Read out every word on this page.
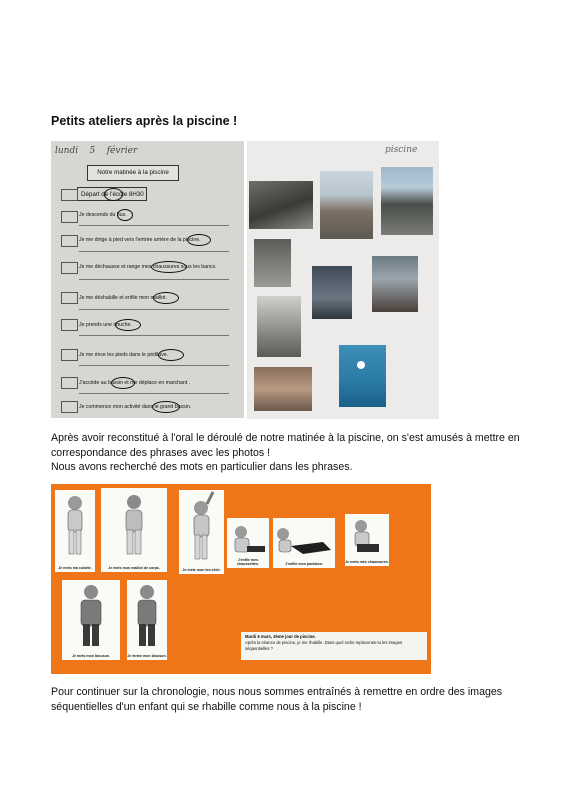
Petits ateliers après la piscine !
lundi    5    février
Notre matinée à la piscine
Départ de l'école 8H30
Je descends du bus.
Je me dirige à pied vers l'entrée arrière de la piscine.
Je me déchausse et range mes chaussures sous les bancs.
Je me déshabille et enfile mon maillot.
Je prends une douche.
Je me rince les pieds dans le pédiluve.
J'accède au bassin et me déplace en marchant .
Je commence mon activité dans le grand bassin.
piscine
Après avoir reconstitué à l'oral le déroulé de notre matinée à la piscine, on s'est amusés à mettre en correspondance des phrases avec les photos !
Nous avons recherché des mots en particulier dans les phrases.
Je mets ma culotte.	Je mets mon maillot de corps.	Je mets mon tee-shirt.
J'enfile mes chaussettes.	J'enfile mon pantalon.	Je mets mes chaussures.
Je mets mon blouson.	Je ferme mon blouson.
Mardi 6 mars, 3ème jour de piscine.
Après la séance de piscine, je me rhabille. Dans quel ordre replacerais-tu les images séquentielles ?
Pour continuer sur la chronologie, nous nous sommes entraînés à remettre en ordre des images séquentielles d'un enfant qui se rhabille comme nous à la piscine !
